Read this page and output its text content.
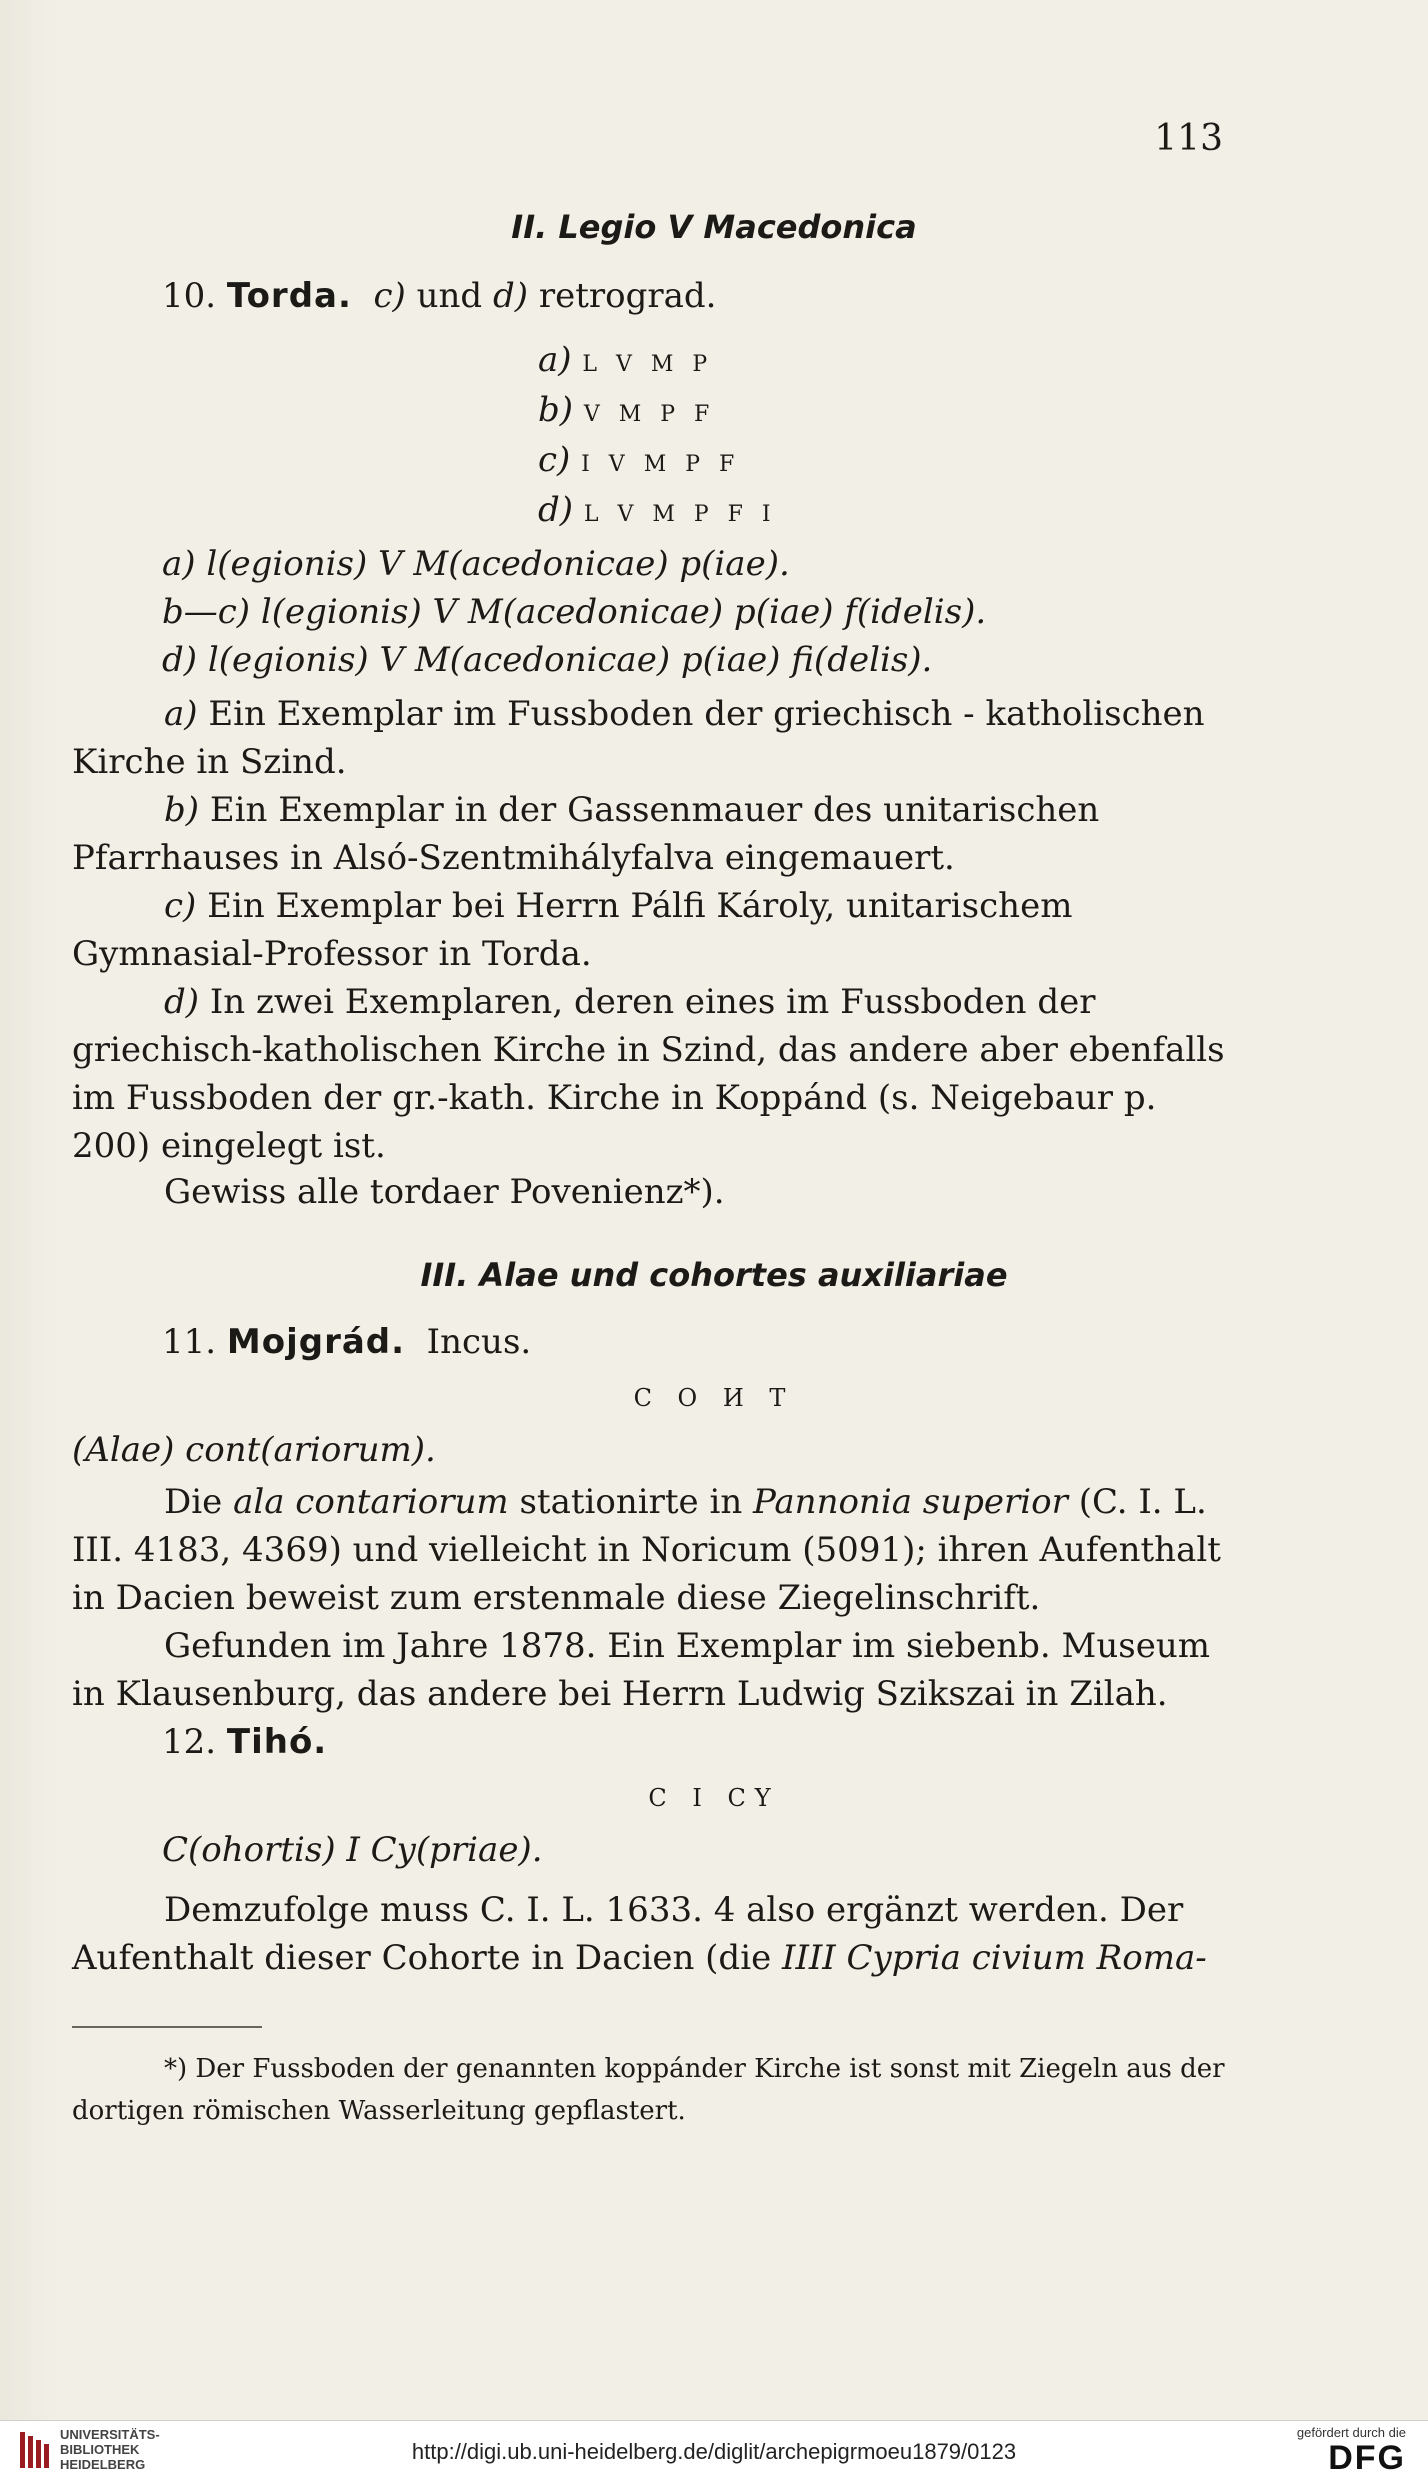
113
II. Legio V Macedonica
10. Torda. c) und d) retrograd.
a) L V M P
b) V M P F
c) I V M P F
d) L V M P F I
a) l(egionis) V M(acedonicae) p(iae).
b—c) l(egionis) V M(acedonicae) p(iae) f(idelis).
d) l(egionis) V M(acedonicae) p(iae) fi(delis).
a) Ein Exemplar im Fussboden der griechisch - katholischen Kirche in Szind.
b) Ein Exemplar in der Gassenmauer des unitarischen Pfarrhauses in Alsó-Szentmihályfalva eingemauert.
c) Ein Exemplar bei Herrn Pálfi Károly, unitarischem Gymnasial-Professor in Torda.
d) In zwei Exemplaren, deren eines im Fussboden der griechisch-katholischen Kirche in Szind, das andere aber ebenfalls im Fussboden der gr.-kath. Kirche in Koppánd (s. Neigebaur p. 200) eingelegt ist.
Gewiss alle tordaer Povenienz*).
III. Alae und cohortes auxiliariae
11. Mojgrád. Incus.
C O И T
(Alae) cont(ariorum).
Die ala contariorum stationirte in Pannonia superior (C. I. L. III. 4183, 4369) und vielleicht in Noricum (5091); ihren Aufenthalt in Dacien beweist zum erstenmale diese Ziegelinschrift.
Gefunden im Jahre 1878. Ein Exemplar im siebenb. Museum in Klausenburg, das andere bei Herrn Ludwig Szikszai in Zilah.
12. Tihó.
C I CY
C(ohortis) I Cy(priae).
Demzufolge muss C. I. L. 1633. 4 also ergänzt werden. Der Aufenthalt dieser Cohorte in Dacien (die IIII Cypria civium Roma-
*) Der Fussboden der genannten koppánder Kirche ist sonst mit Ziegeln aus der dortigen römischen Wasserleitung gepflastert.
UNIVERSITÄTS- BIBLIOTHEK HEIDELBERG
http://digi.ub.uni-heidelberg.de/diglit/archepigrmoeu1879/0123
gefördert durch die
DFG
